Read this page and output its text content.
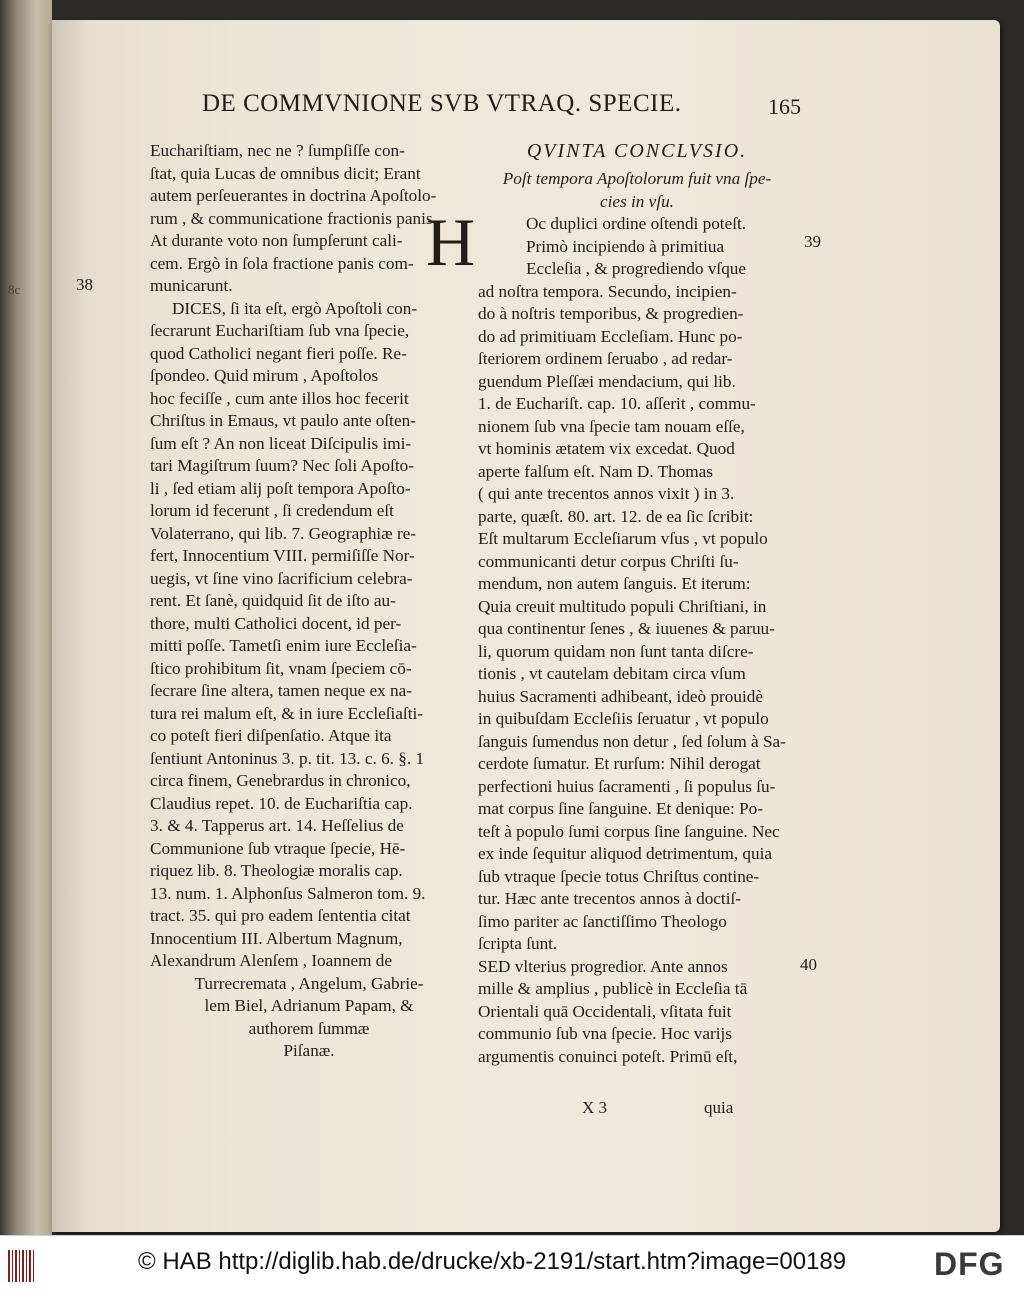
8c
DE COMMVNIONE SVB VTRAQ. SPECIE.	165
Euchariſtiam, nec ne ? ſumpſiſſe con-
ſtat, quia Lucas de omnibus dicit; Erant
autem perſeuerantes in doctrina Apoſtolo-
rum , & communicatione fractionis panis.
At durante voto non ſumpſerunt cali-
cem. Ergò in ſola fractione panis com-
municarunt.
DICES, ſi ita eſt, ergò Apoſtoli con-
ſecrarunt Euchariſtiam ſub vna ſpecie,
quod Catholici negant fieri poſſe. Re-
ſpondeo. Quid mirum , Apoſtolos
hoc feciſſe , cum ante illos hoc fecerit
Chriſtus in Emaus, vt paulo ante oſten-
ſum eſt ? An non liceat Diſcipulis imi-
tari Magiſtrum ſuum? Nec ſoli Apoſto-
li , ſed etiam alij poſt tempora Apoſto-
lorum id fecerunt , ſi credendum eſt
Volaterrano, qui lib. 7. Geographiæ re-
fert, Innocentium VIII. permiſiſſe Nor-
uegis, vt ſine vino ſacrificium celebra-
rent. Et ſanè, quidquid ſit de iſto au-
thore, multi Catholici docent, id per-
mitti poſſe. Tametſi enim iure Eccleſia-
ſtico prohibitum ſit, vnam ſpeciem cō-
ſecrare ſine altera, tamen neque ex na-
tura rei malum eſt, & in iure Eccleſiaſti-
co poteſt fieri diſpenſatio. Atque ita
ſentiunt Antoninus 3. p. tit. 13. c. 6. §. 1
circa finem, Genebrardus in chronico,
Claudius repet. 10. de Euchariſtia cap.
3. & 4. Tapperus art. 14. Heſſelius de
Communione ſub vtraque ſpecie, Hē-
riquez lib. 8. Theologiæ moralis cap.
13. num. 1. Alphonſus Salmeron tom. 9.
tract. 35. qui pro eadem ſententia citat
Innocentium III. Albertum Magnum,
Alexandrum Alenſem , Ioannem de
Turrecremata , Angelum, Gabrie-
lem Biel, Adrianum Papam, &
authorem ſummæ
Piſanæ.
QVINTA CONCLVSIO.
Poſt tempora Apoſtolorum fuit vna ſpe-
cies in vſu.
Oc duplici ordine oſtendi poteſt.
Primò incipiendo à primitiua
Eccleſia , & progrediendo vſque
ad noſtra tempora. Secundo, incipien-
do à noſtris temporibus, & progredien-
do ad primitiuam Eccleſiam. Hunc po-
ſteriorem ordinem ſeruabo , ad redar-
guendum Pleſſæi mendacium, qui lib.
1. de Euchariſt. cap. 10. aſſerit , commu-
nionem ſub vna ſpecie tam nouam eſſe,
vt hominis ætatem vix excedat. Quod
aperte falſum eſt. Nam D. Thomas
( qui ante trecentos annos vixit ) in 3.
parte, quæſt. 80. art. 12. de ea ſic ſcribit:
Eſt multarum Eccleſiarum vſus , vt populo
communicanti detur corpus Chriſti ſu-
mendum, non autem ſanguis. Et iterum:
Quia creuit multitudo populi Chriſtiani, in
qua continentur ſenes , & iuuenes & paruu-
li, quorum quidam non ſunt tanta diſcre-
tionis , vt cautelam debitam circa vſum
huius Sacramenti adhibeant, ideò prouidè
in quibuſdam Eccleſiis ſeruatur , vt populo
ſanguis ſumendus non detur , ſed ſolum à Sa-
cerdote ſumatur. Et rurſum: Nihil derogat
perfectioni huius ſacramenti , ſi populus ſu-
mat corpus ſine ſanguine. Et denique: Po-
teſt à populo ſumi corpus ſine ſanguine. Nec
ex inde ſequitur aliquod detrimentum, quia
ſub vtraque ſpecie totus Chriſtus contine-
tur. Hæc ante trecentos annos à doctiſ-
ſimo pariter ac ſanctiſſimo Theologo
ſcripta ſunt.
SED vlterius progredior. Ante annos
mille & amplius , publicè in Eccleſia tā
Orientali quā Occidentali, vſitata fuit
communio ſub vna ſpecie. Hoc varijs
argumentis conuinci poteſt. Primū eſt,
H
38
39
40
X 3	quia
© HAB http://diglib.hab.de/drucke/xb-2191/start.htm?image=00189	DFG
